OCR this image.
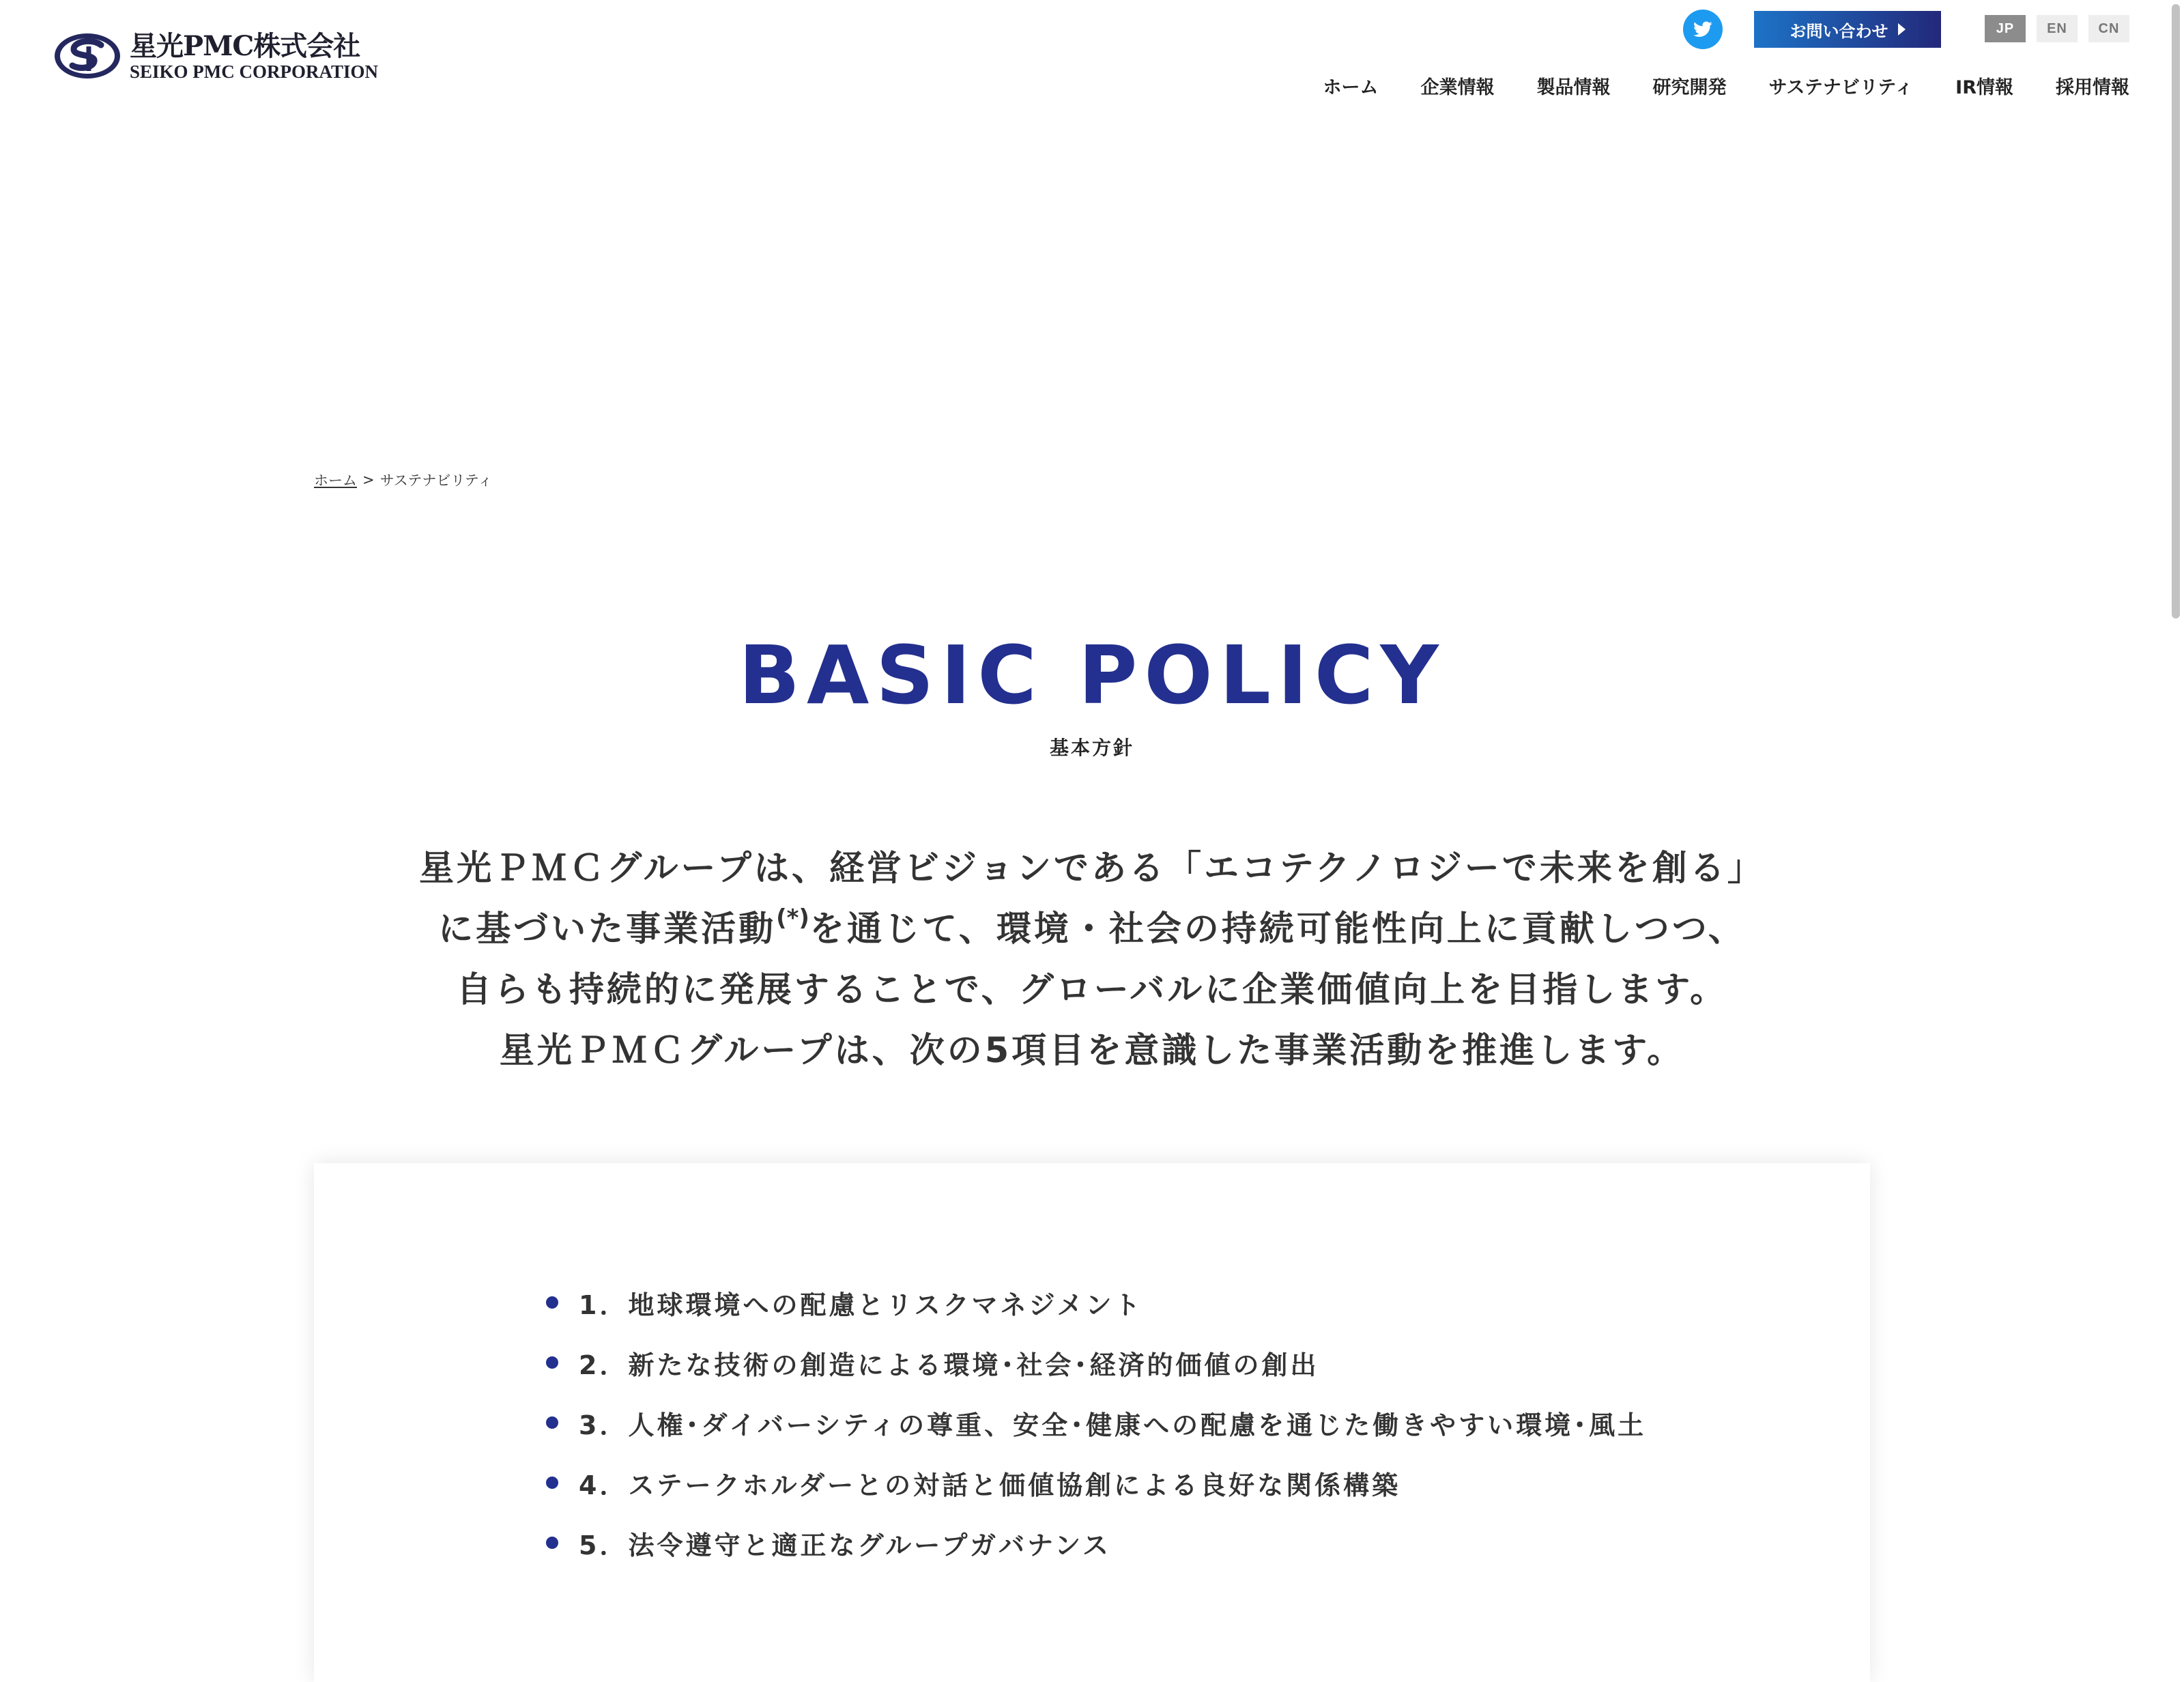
星光PMC株式会社
SEIKO PMC CORPORATION
お問い合わせ	JP	EN	CN
ホーム 企業情報 製品情報 研究開発 サステナビリティ IR情報 採用情報
ホーム > サステナビリティ
BASIC POLICY
基本方針
星光ＰＭＣグループは、経営ビジョンである「エコテクノロジーで未来を創る」
に基づいた事業活動(*)を通じて、環境・社会の持続可能性向上に貢献しつつ、
自らも持続的に発展することで、グローバルに企業価値向上を目指します。
星光ＰＭＣグループは、次の5項目を意識した事業活動を推進します。
1．地球環境への配慮とリスクマネジメント
2．新たな技術の創造による環境･社会･経済的価値の創出
3．人権･ダイバーシティの尊重、安全･健康への配慮を通じた働きやすい環境･風土
4．ステークホルダーとの対話と価値協創による良好な関係構築
5．法令遵守と適正なグループガバナンス
